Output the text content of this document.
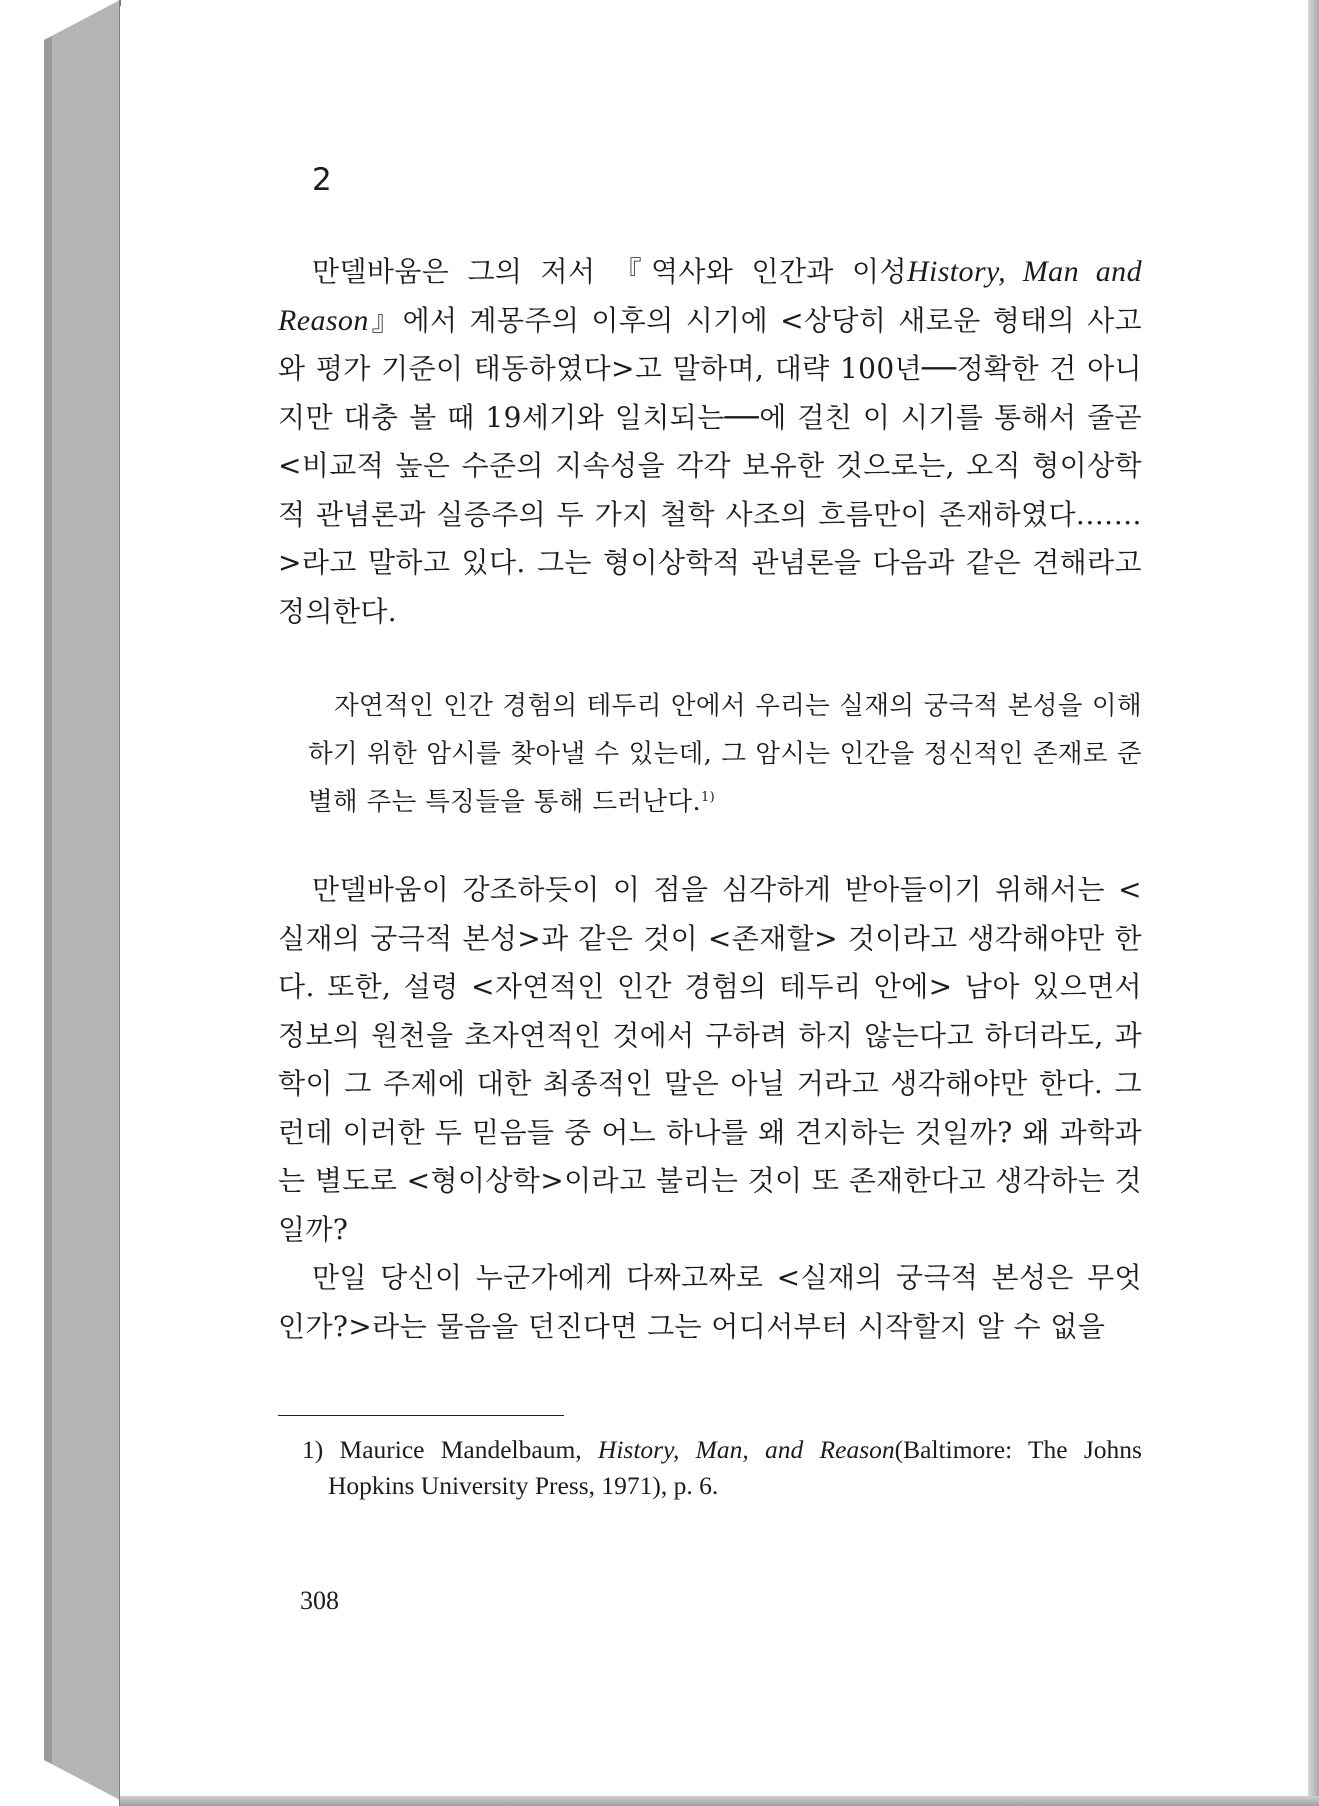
2

만델바움은 그의 저서 『역사와 인간과 이성History, Man and Reason』에서 계몽주의 이후의 시기에 <상당히 새로운 형태의 사고와 평가 기준이 태동하였다>고 말하며, 대략 100년──정확한 건 아니지만 대충 볼 때 19세기와 일치되는──에 걸친 이 시기를 통해서 줄곧 <비교적 높은 수준의 지속성을 각각 보유한 것으로는, 오직 형이상학적 관념론과 실증주의 두 가지 철학 사조의 흐름만이 존재하였다.……>라고 말하고 있다. 그는 형이상학적 관념론을 다음과 같은 견해라고 정의한다.

자연적인 인간 경험의 테두리 안에서 우리는 실재의 궁극적 본성을 이해하기 위한 암시를 찾아낼 수 있는데, 그 암시는 인간을 정신적인 존재로 준별해 주는 특징들을 통해 드러난다.$^{1)}$

만델바움이 강조하듯이 이 점을 심각하게 받아들이기 위해서는 <실재의 궁극적 본성>과 같은 것이 <존재할> 것이라고 생각해야만 한다. 또한, 설령 <자연적인 인간 경험의 테두리 안에> 남아 있으면서 정보의 원천을 초자연적인 것에서 구하려 하지 않는다고 하더라도, 과학이 그 주제에 대한 최종적인 말은 아닐 거라고 생각해야만 한다. 그런데 이러한 두 믿음들 중 어느 하나를 왜 견지하는 것일까? 왜 과학과는 별도로 <형이상학>이라고 불리는 것이 또 존재한다고 생각하는 것일까?

만일 당신이 누군가에게 다짜고짜로 <실재의 궁극적 본성은 무엇인가?>라는 물음을 던진다면 그는 어디서부터 시작할지 알 수 없을

1) Maurice Mandelbaum, History, Man, and Reason(Baltimore: The Johns Hopkins University Press, 1971), p. 6.
308
